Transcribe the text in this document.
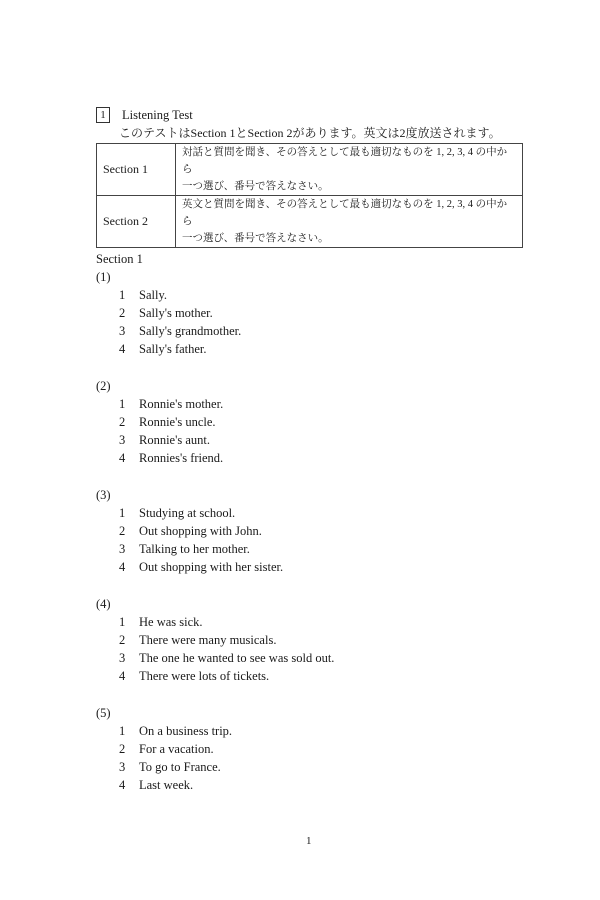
1	Listening Test
このテストはSection 1とSection 2があります。英文は2度放送されます。
Section 1	対話と質問を聞き、その答えとして最も適切なものを 1, 2, 3, 4 の中から
一つ選び、番号で答えなさい。
Section 2	英文と質問を聞き、その答えとして最も適切なものを 1, 2, 3, 4 の中から
一つ選び、番号で答えなさい。
Section 1
(1)
1	Sally.
2	Sally's mother.
3	Sally's grandmother.
4	Sally's father.
(2)
1	Ronnie's mother.
2	Ronnie's uncle.
3	Ronnie's aunt.
4	Ronnies's friend.
(3)
1	Studying at school.
2	Out shopping with John.
3	Talking to her mother.
4	Out shopping with her sister.
(4)
1	He was sick.
2	There were many musicals.
3	The one he wanted to see was sold out.
4	There were lots of tickets.
(5)
1	On a business trip.
2	For a vacation.
3	To go to France.
4	Last week.
1
